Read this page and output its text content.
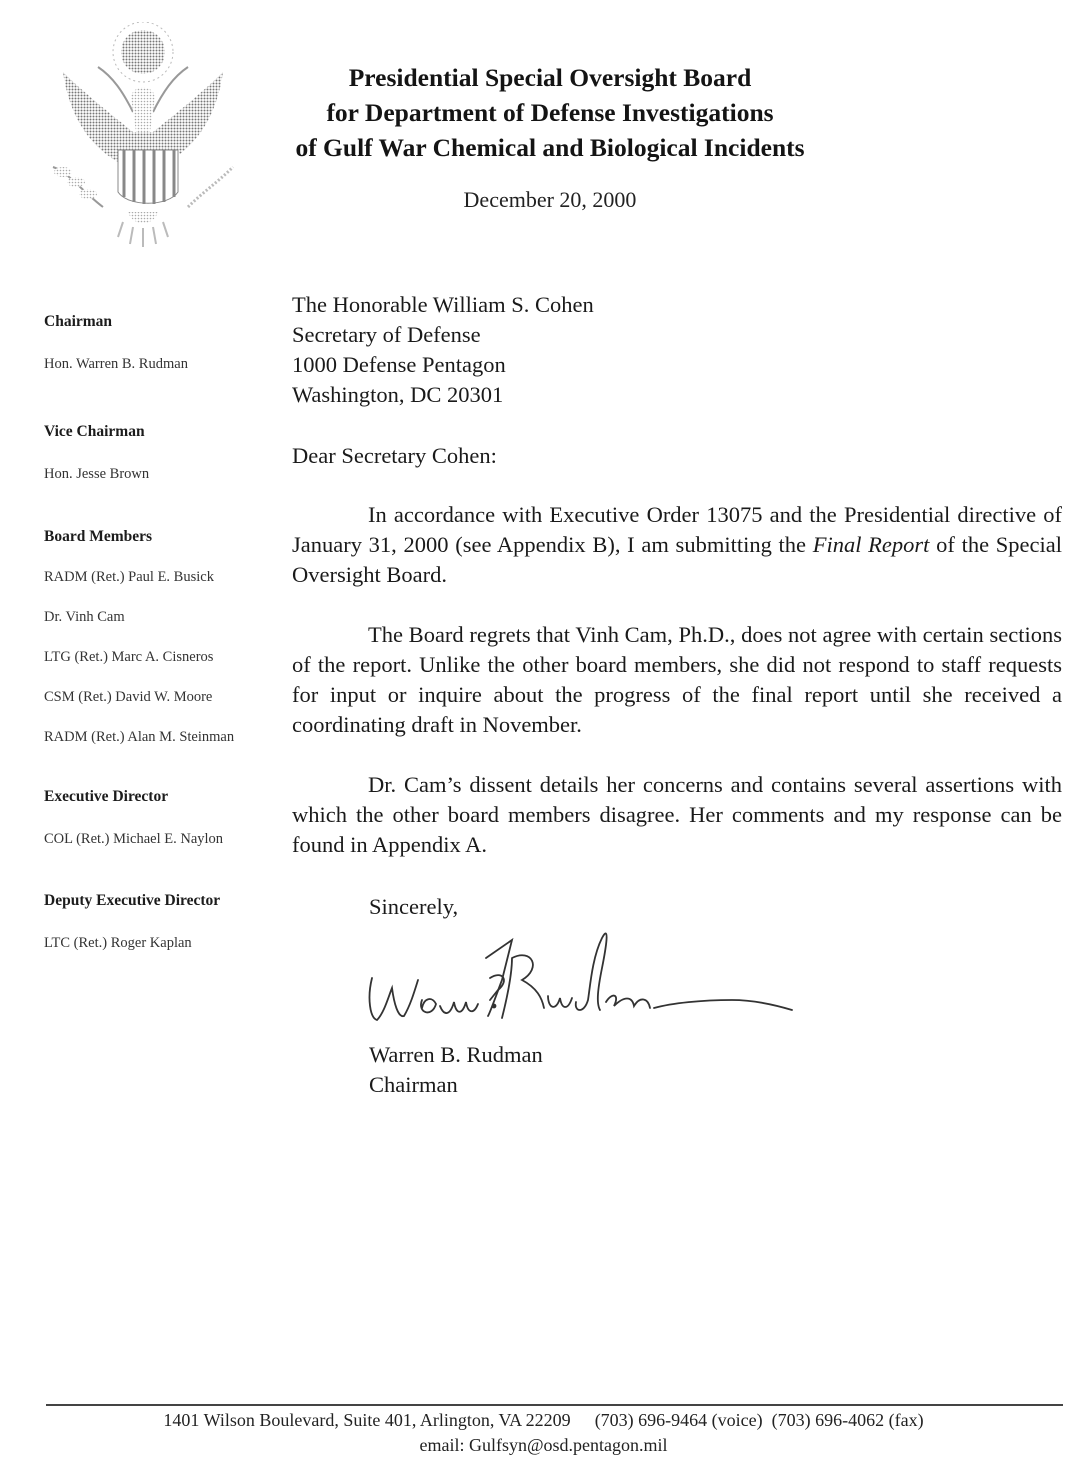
Presidential Special Oversight Board
for Department of Defense Investigations
of Gulf War Chemical and Biological Incidents
December 20, 2000

Chairman

Hon. Warren B. Rudman

Vice Chairman

Hon. Jesse Brown

Board Members

RADM (Ret.) Paul E. Busick

Dr. Vinh Cam

LTG (Ret.) Marc A. Cisneros

CSM (Ret.) David W. Moore

RADM (Ret.) Alan M. Steinman

Executive Director

COL (Ret.) Michael E. Naylon

Deputy Executive Director

LTC (Ret.) Roger Kaplan

The Honorable William S. Cohen
Secretary of Defense
1000 Defense Pentagon
Washington, DC 20301

Dear Secretary Cohen:

In accordance with Executive Order 13075 and the Presidential directive of January 31, 2000 (see Appendix B), I am submitting the Final Report of the Special Oversight Board.

The Board regrets that Vinh Cam, Ph.D., does not agree with certain sections of the report. Unlike the other board members, she did not respond to staff requests for input or inquire about the progress of the final report until she received a coordinating draft in November.

Dr. Cam’s dissent details her concerns and contains several assertions with which the other board members disagree. Her comments and my response can be found in Appendix A.

Sincerely,
Warren B. Rudman
Chairman
1401 Wilson Boulevard, Suite 401, Arlington, VA 22209 (703) 696-9464 (voice) (703) 696-4062 (fax)
email: Gulfsyn@osd.pentagon.mil
